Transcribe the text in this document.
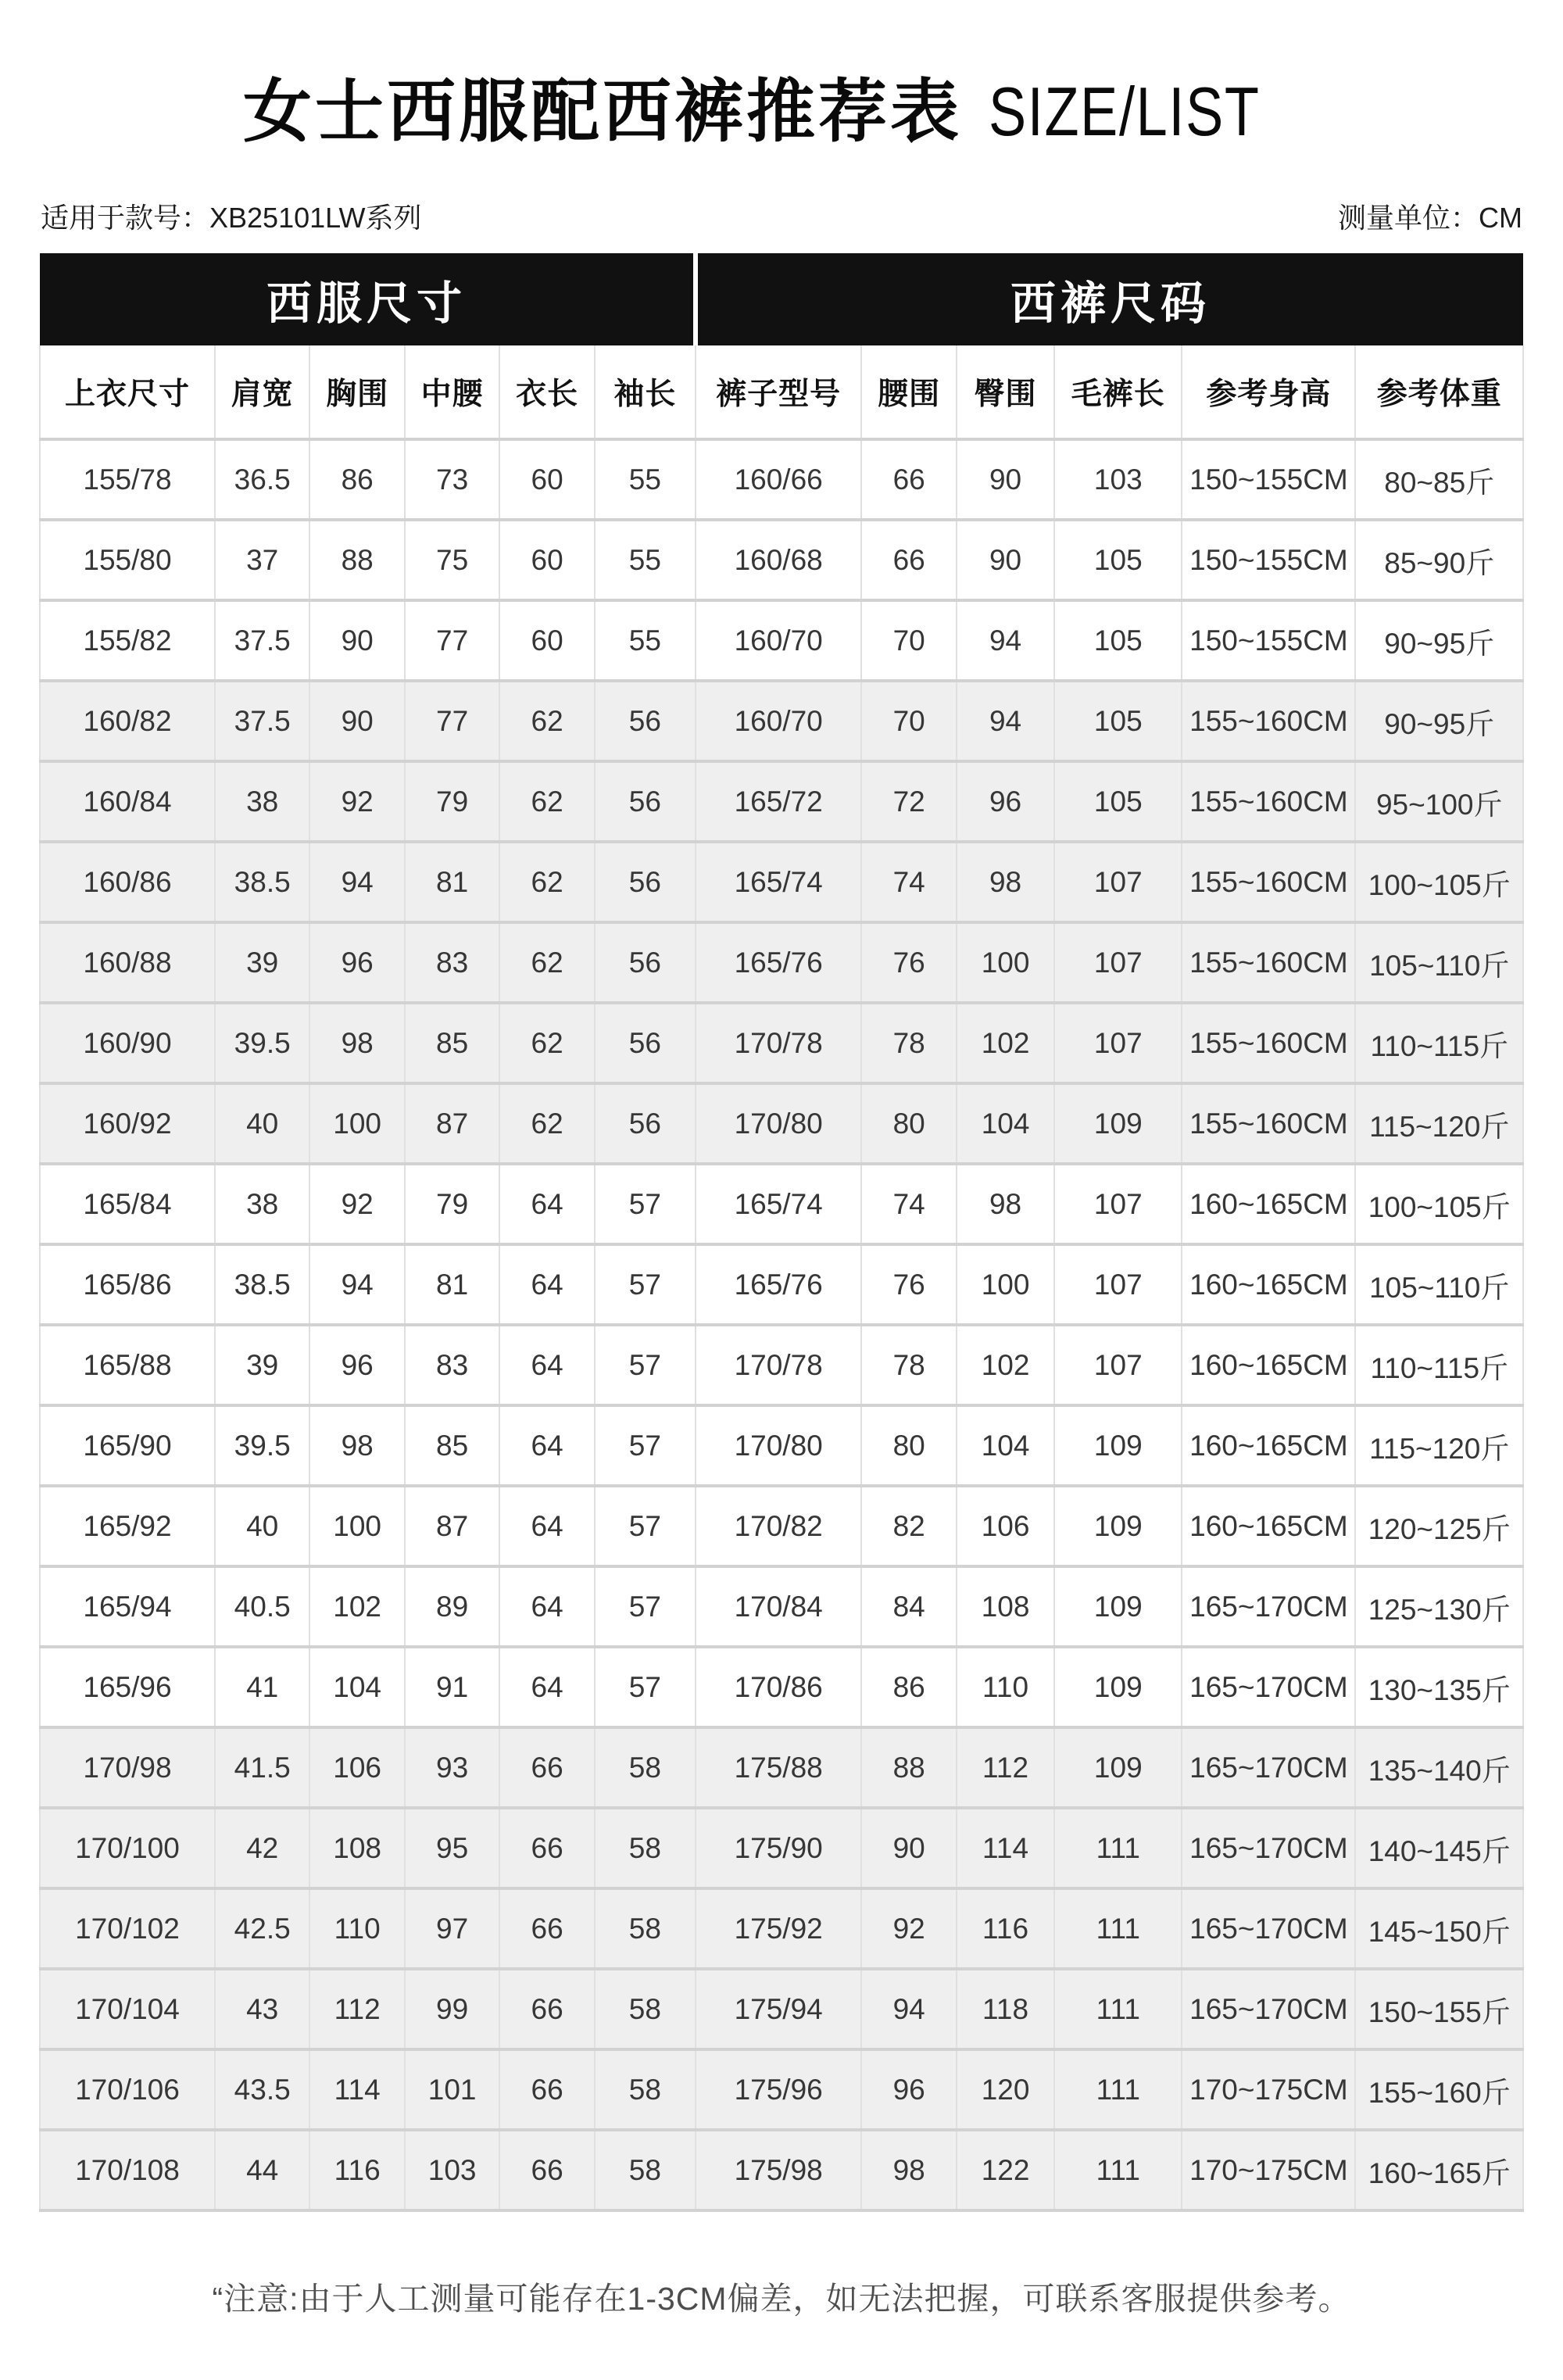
女士西服配西裤推荐表 SIZE/LIST
适用于款号：XB25101LW系列	测量单位：CM
西服尺寸						西裤尺码					
上衣尺寸	肩宽	胸围	中腰	衣长	袖长	裤子型号	腰围	臀围	毛裤长	参考身高	参考体重
155/78	36.5	86	73	60	55	160/66	66	90	103	150~155CM	80~85斤
155/80	37	88	75	60	55	160/68	66	90	105	150~155CM	85~90斤
155/82	37.5	90	77	60	55	160/70	70	94	105	150~155CM	90~95斤
160/82	37.5	90	77	62	56	160/70	70	94	105	155~160CM	90~95斤
160/84	38	92	79	62	56	165/72	72	96	105	155~160CM	95~100斤
160/86	38.5	94	81	62	56	165/74	74	98	107	155~160CM	100~105斤
160/88	39	96	83	62	56	165/76	76	100	107	155~160CM	105~110斤
160/90	39.5	98	85	62	56	170/78	78	102	107	155~160CM	110~115斤
160/92	40	100	87	62	56	170/80	80	104	109	155~160CM	115~120斤
165/84	38	92	79	64	57	165/74	74	98	107	160~165CM	100~105斤
165/86	38.5	94	81	64	57	165/76	76	100	107	160~165CM	105~110斤
165/88	39	96	83	64	57	170/78	78	102	107	160~165CM	110~115斤
165/90	39.5	98	85	64	57	170/80	80	104	109	160~165CM	115~120斤
165/92	40	100	87	64	57	170/82	82	106	109	160~165CM	120~125斤
165/94	40.5	102	89	64	57	170/84	84	108	109	165~170CM	125~130斤
165/96	41	104	91	64	57	170/86	86	110	109	165~170CM	130~135斤
170/98	41.5	106	93	66	58	175/88	88	112	109	165~170CM	135~140斤
170/100	42	108	95	66	58	175/90	90	114	111	165~170CM	140~145斤
170/102	42.5	110	97	66	58	175/92	92	116	111	165~170CM	145~150斤
170/104	43	112	99	66	58	175/94	94	118	111	165~170CM	150~155斤
170/106	43.5	114	101	66	58	175/96	96	120	111	170~175CM	155~160斤
170/108	44	116	103	66	58	175/98	98	122	111	170~175CM	160~165斤

“注意:由于人工测量可能存在1-3CM偏差，如无法把握，可联系客服提供参考。
